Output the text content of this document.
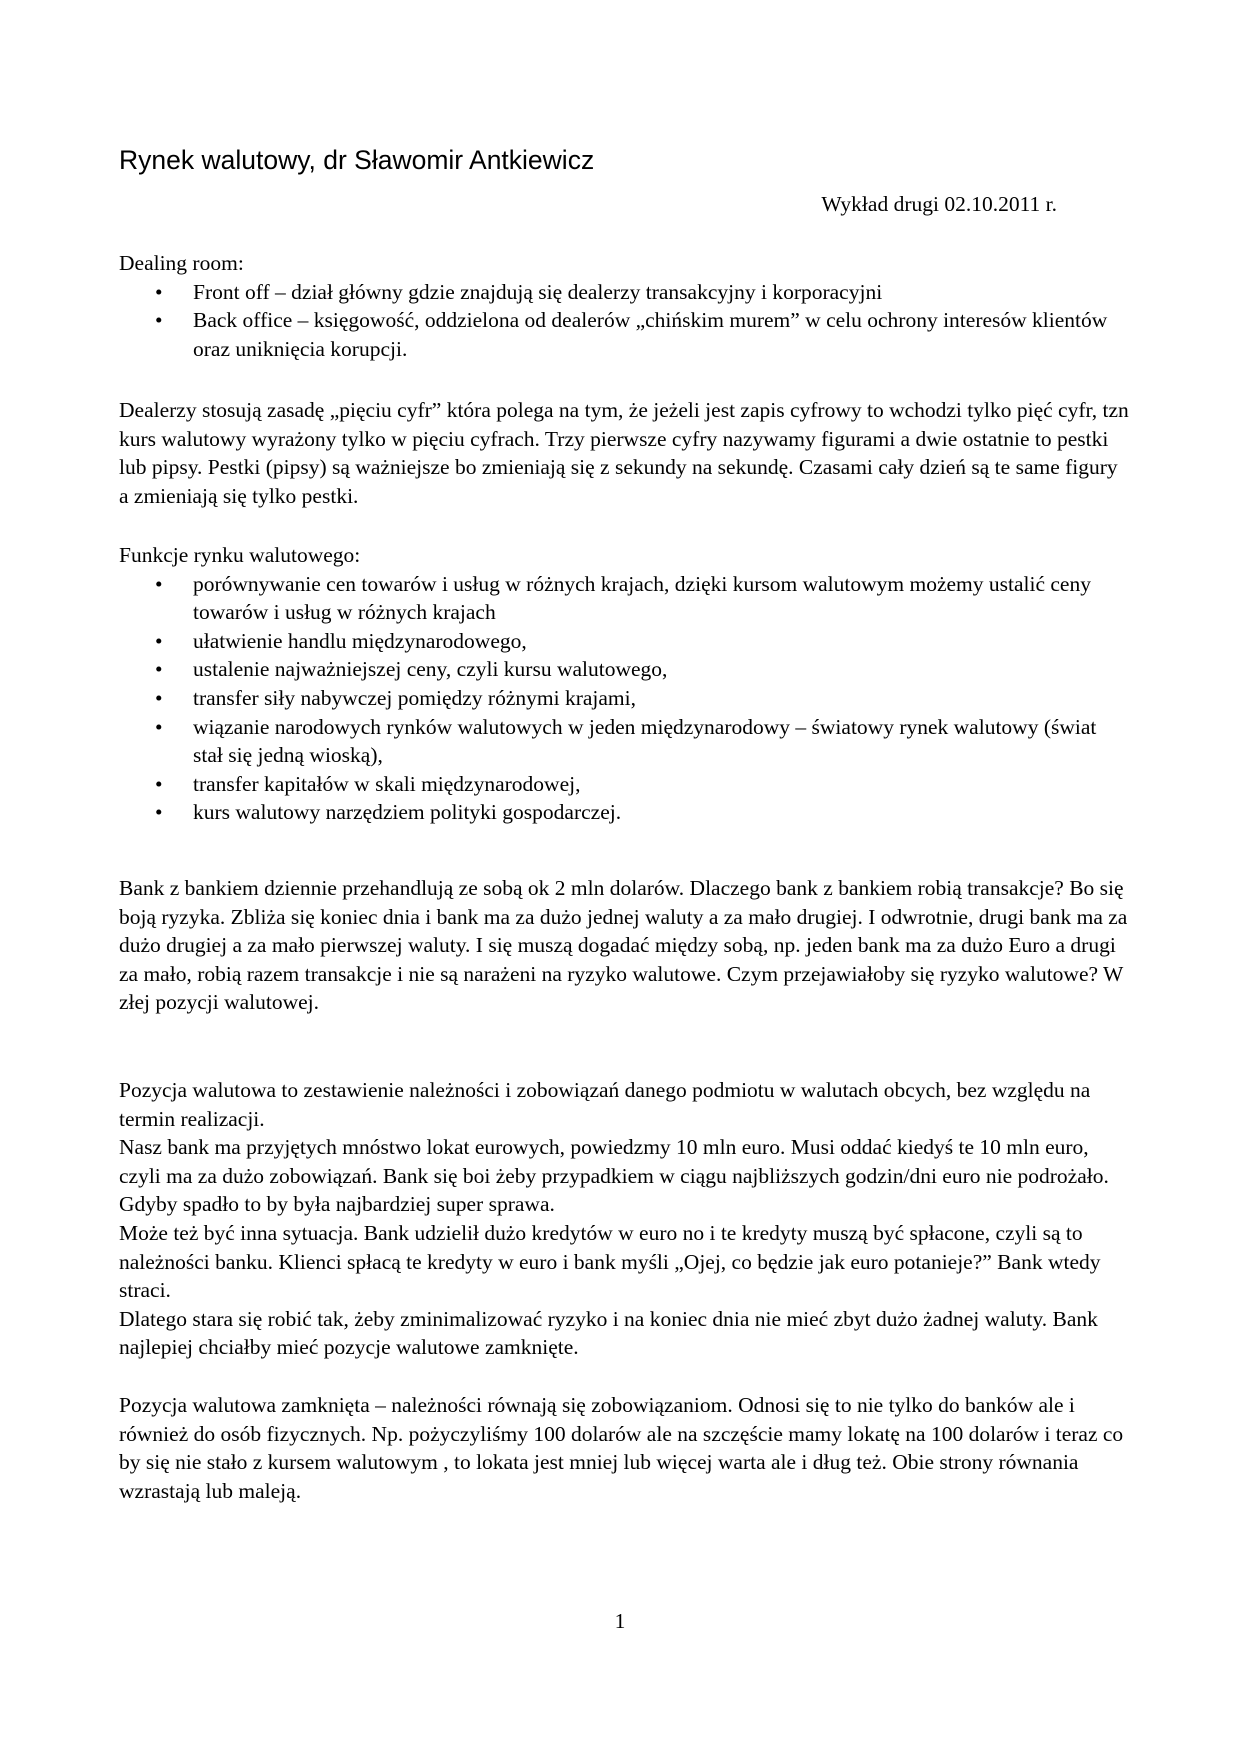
Rynek walutowy, dr Sławomir Antkiewicz

Wykład drugi 02.10.2011 r.

Dealing room:

• Front off – dział główny gdzie znajdują się dealerzy transakcyjny i korporacyjni
• Back office – księgowość, oddzielona od dealerów „chińskim murem” w celu ochrony interesów klientów oraz uniknięcia korupcji.

Dealerzy stosują zasadę „pięciu cyfr” która polega na tym, że jeżeli jest zapis cyfrowy to wchodzi tylko pięć cyfr, tzn kurs walutowy wyrażony tylko w pięciu cyfrach. Trzy pierwsze cyfry nazywamy figurami a dwie ostatnie to pestki lub pipsy. Pestki (pipsy) są ważniejsze bo zmieniają się z sekundy na sekundę. Czasami cały dzień są te same figury a zmieniają się tylko pestki.

Funkcje rynku walutowego:

• porównywanie cen towarów i usług w różnych krajach, dzięki kursom walutowym możemy ustalić ceny towarów i usług w różnych krajach
• ułatwienie handlu międzynarodowego,
• ustalenie najważniejszej ceny, czyli kursu walutowego,
• transfer siły nabywczej pomiędzy różnymi krajami,
• wiązanie narodowych rynków walutowych w jeden międzynarodowy – światowy rynek walutowy (świat stał się jedną wioską),
• transfer kapitałów w skali międzynarodowej,
• kurs walutowy narzędziem polityki gospodarczej.

Bank z bankiem dziennie przehandlują ze sobą ok 2 mln dolarów. Dlaczego bank z bankiem robią transakcje? Bo się boją ryzyka. Zbliża się koniec dnia i bank ma za dużo jednej waluty a za mało drugiej. I odwrotnie, drugi bank ma za dużo drugiej a za mało pierwszej waluty. I się muszą dogadać między sobą, np. jeden bank ma za dużo Euro a drugi za mało, robią razem transakcje i nie są narażeni na ryzyko walutowe. Czym przejawiałoby się ryzyko walutowe? W złej pozycji walutowej.

Pozycja walutowa to zestawienie należności i zobowiązań danego podmiotu w walutach obcych, bez względu na termin realizacji.

Nasz bank ma przyjętych mnóstwo lokat eurowych, powiedzmy 10 mln euro. Musi oddać kiedyś te 10 mln euro, czyli ma za dużo zobowiązań. Bank się boi żeby przypadkiem w ciągu najbliższych godzin/dni euro nie podrożało. Gdyby spadło to by była najbardziej super sprawa.

Może też być inna sytuacja. Bank udzielił dużo kredytów w euro no i te kredyty muszą być spłacone, czyli są to należności banku. Klienci spłacą te kredyty w euro i bank myśli „Ojej, co będzie jak euro potanieje?” Bank wtedy straci.

Dlatego stara się robić tak, żeby zminimalizować ryzyko i na koniec dnia nie mieć zbyt dużo żadnej waluty. Bank najlepiej chciałby mieć pozycje walutowe zamknięte.

Pozycja walutowa zamknięta – należności równają się zobowiązaniom. Odnosi się to nie tylko do banków ale i również do osób fizycznych. Np. pożyczyliśmy 100 dolarów ale na szczęście mamy lokatę na 100 dolarów i teraz co by się nie stało z kursem walutowym , to lokata jest mniej lub więcej warta ale i dług też. Obie strony równania wzrastają lub maleją.

1
